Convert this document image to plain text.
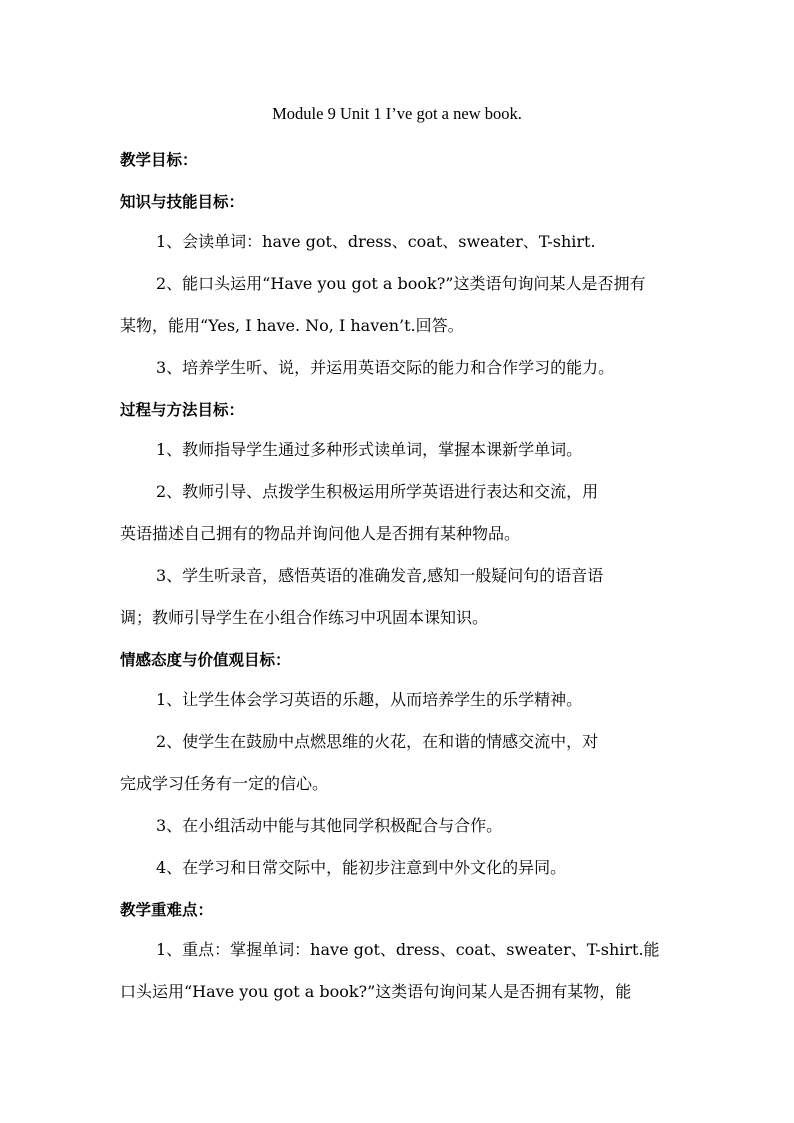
Module 9 Unit 1 I’ve got a new book.
教学目标：
知识与技能目标：
1、会读单词：have got、dress、coat、sweater、T-shirt.
2、能口头运用“Have you got a book?”这类语句询问某人是否拥有
某物，能用“Yes, I have. No, I haven’t.回答。
3、培养学生听、说，并运用英语交际的能力和合作学习的能力。
过程与方法目标：
1、教师指导学生通过多种形式读单词，掌握本课新学单词。
2、教师引导、点拨学生积极运用所学英语进行表达和交流，用
英语描述自己拥有的物品并询问他人是否拥有某种物品。
3、学生听录音，感悟英语的准确发音,感知一般疑问句的语音语
调；教师引导学生在小组合作练习中巩固本课知识。
情感态度与价值观目标：
1、让学生体会学习英语的乐趣，从而培养学生的乐学精神。
2、使学生在鼓励中点燃思维的火花，在和谐的情感交流中，对
完成学习任务有一定的信心。
3、在小组活动中能与其他同学积极配合与合作。
4、在学习和日常交际中，能初步注意到中外文化的异同。
教学重难点：
1、重点：掌握单词：have got、dress、coat、sweater、T-shirt.能
口头运用“Have you got a book?”这类语句询问某人是否拥有某物，能
